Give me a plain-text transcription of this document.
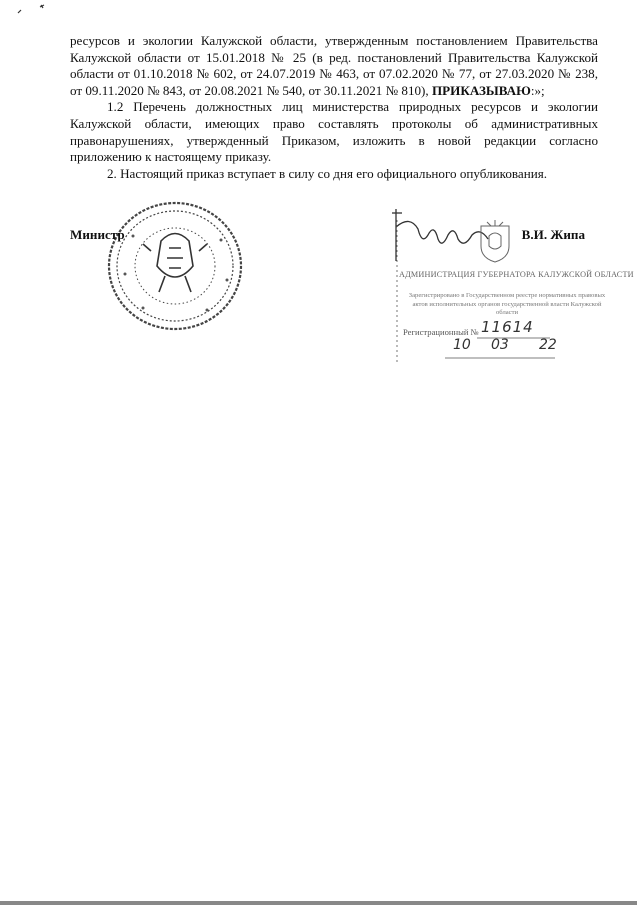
ресурсов и экологии Калужской области, утвержденным постановлением Правительства Калужской области от 15.01.2018 № 25 (в ред. постановлений Правительства Калужской области от 01.10.2018 № 602, от 24.07.2019 № 463, от 07.02.2020 № 77, от 27.03.2020 № 238, от 09.11.2020 № 843, от 20.08.2021 № 540, от 30.11.2021 № 810), ПРИКАЗЫВАЮ:»;

1.2 Перечень должностных лиц министерства природных ресурсов и экологии Калужской области, имеющих право составлять протоколы об административных правонарушениях, утвержденный Приказом, изложить в новой редакции согласно приложению к настоящему приказу.

2. Настоящий приказ вступает в силу со дня его официального опубликования.

Министр	В.И. Жипа
АДМИНИСТРАЦИЯ ГУБЕРНАТОРА КАЛУЖСКОЙ ОБЛАСТИ
Зарегистрировано в Государственном реестре нормативных правовых актов исполнительных органов государственной власти Калужской области
Регистрационный № 11614
10 03 22
